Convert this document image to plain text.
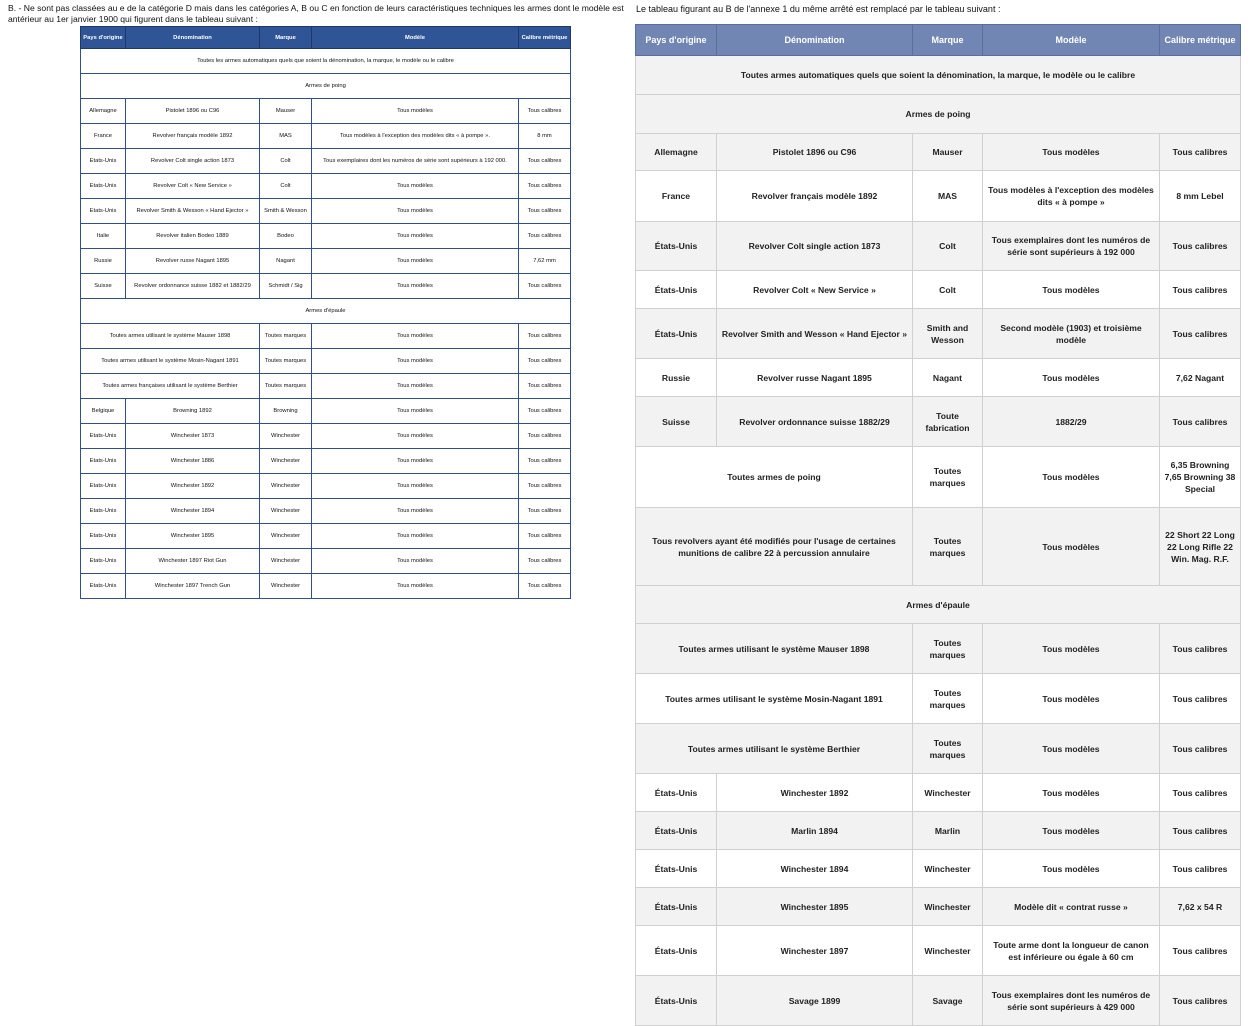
B. - Ne sont pas classées au e de la catégorie D mais dans les catégories A, B ou C en fonction de leurs caractéristiques techniques les armes dont le modèle est antérieur au 1er janvier 1900 qui figurent dans le tableau suivant :
Pays d'origine	Dénomination	Marque	Modèle	Calibre métrique
Toutes les armes automatiques quels que soient la dénomination, la marque, le modèle ou le calibre				
Armes de poing				
Allemagne	Pistolet 1896 ou C96	Mauser	Tous modèles	Tous calibres
France	Revolver français modèle 1892	MAS	Tous modèles à l'exception des modèles dits « à pompe ».	8 mm
Etats-Unis	Revolver Colt single action 1873	Colt	Tous exemplaires dont les numéros de série sont supérieurs à 192 000.	Tous calibres
Etats-Unis	Revolver Colt « New Service »	Colt	Tous modèles	Tous calibres
Etats-Unis	Revolver Smith & Wesson « Hand Ejector »	Smith & Wesson	Tous modèles	Tous calibres
Italie	Revolver italien Bodeo 1889	Bodeo	Tous modèles	Tous calibres
Russie	Revolver russe Nagant 1895	Nagant	Tous modèles	7,62 mm
Suisse	Revolver ordonnance suisse 1882 et 1882/29	Schmidt / Sig	Tous modèles	Tous calibres
Armes d'épaule				
Toutes armes utilisant le système Mauser 1898		Toutes marques	Tous modèles	Tous calibres
Toutes armes utilisant le système Mosin-Nagant 1891		Toutes marques	Tous modèles	Tous calibres
Toutes armes françaises utilisant le système Berthier		Toutes marques	Tous modèles	Tous calibres
Belgique	Browning 1892	Browning	Tous modèles	Tous calibres
Etats-Unis	Winchester 1873	Winchester	Tous modèles	Tous calibres
Etats-Unis	Winchester 1886	Winchester	Tous modèles	Tous calibres
Etats-Unis	Winchester 1892	Winchester	Tous modèles	Tous calibres
Etats-Unis	Winchester 1894	Winchester	Tous modèles	Tous calibres
Etats-Unis	Winchester 1895	Winchester	Tous modèles	Tous calibres
Etats-Unis	Winchester 1897 Riot Gun	Winchester	Tous modèles	Tous calibres
Etats-Unis	Winchester 1897 Trench Gun	Winchester	Tous modèles	Tous calibres
Le tableau figurant au B de l'annexe 1 du même arrêté est remplacé par le tableau suivant :
Pays d'origine	Dénomination	Marque	Modèle	Calibre métrique
Toutes armes automatiques quels que soient la dénomination, la marque, le modèle ou le calibre				
Armes de poing				
Allemagne	Pistolet 1896 ou C96	Mauser	Tous modèles	Tous calibres
France	Revolver français modèle 1892	MAS	Tous modèles à l'exception des modèles dits « à pompe »	8 mm Lebel
États-Unis	Revolver Colt single action 1873	Colt	Tous exemplaires dont les numéros de série sont supérieurs à 192 000	Tous calibres
États-Unis	Revolver Colt « New Service »	Colt	Tous modèles	Tous calibres
États-Unis	Revolver Smith and Wesson « Hand Ejector »	Smith and Wesson	Second modèle (1903) et troisième modèle	Tous calibres
Russie	Revolver russe Nagant 1895	Nagant	Tous modèles	7,62 Nagant
Suisse	Revolver ordonnance suisse 1882/29	Toute fabrication	1882/29	Tous calibres
Toutes armes de poing		Toutes marques	Tous modèles	6,35 Browning 7,65 Browning 38 Special
Tous revolvers ayant été modifiés pour l'usage de certaines munitions de calibre 22 à percussion annulaire		Toutes marques	Tous modèles	22 Short 22 Long 22 Long Rifle 22 Win. Mag. R.F.
Armes d'épaule				
Toutes armes utilisant le système Mauser 1898		Toutes marques	Tous modèles	Tous calibres
Toutes armes utilisant le système Mosin-Nagant 1891		Toutes marques	Tous modèles	Tous calibres
Toutes armes utilisant le système Berthier		Toutes marques	Tous modèles	Tous calibres
États-Unis	Winchester 1892	Winchester	Tous modèles	Tous calibres
États-Unis	Marlin 1894	Marlin	Tous modèles	Tous calibres
États-Unis	Winchester 1894	Winchester	Tous modèles	Tous calibres
États-Unis	Winchester 1895	Winchester	Modèle dit « contrat russe »	7,62 x 54 R
États-Unis	Winchester 1897	Winchester	Toute arme dont la longueur de canon est inférieure ou égale à 60 cm	Tous calibres
États-Unis	Savage 1899	Savage	Tous exemplaires dont les numéros de série sont supérieurs à 429 000	Tous calibres
